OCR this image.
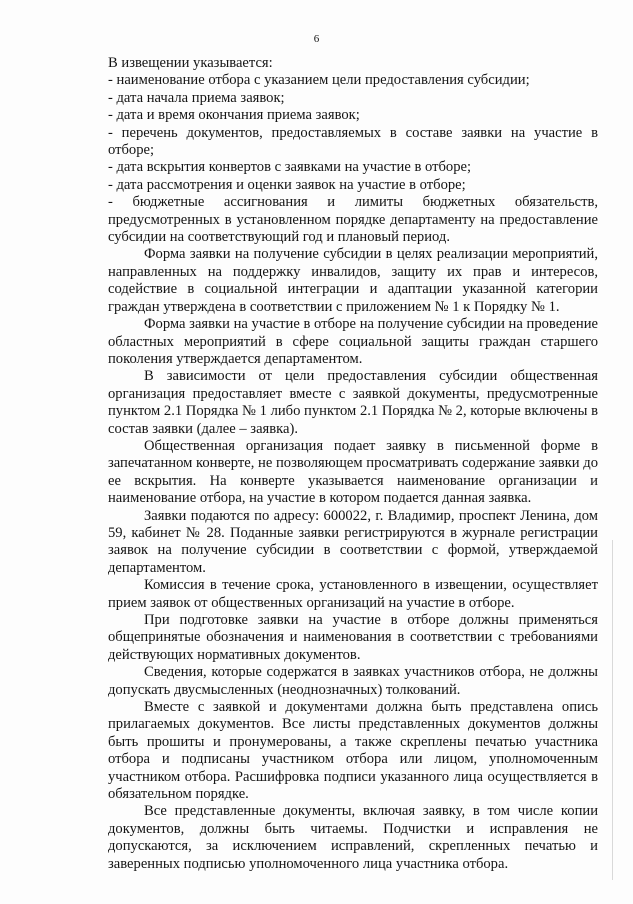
6

В извещении указывается:

- наименование отбора с указанием цели предоставления субсидии;

- дата начала приема заявок;

- дата и время окончания приема заявок;

- перечень документов, предоставляемых в составе заявки на участие в отборе;

- дата вскрытия конвертов с заявками на участие в отборе;

- дата рассмотрения и оценки заявок на участие в отборе;

- бюджетные ассигнования и лимиты бюджетных обязательств, предусмотренных в установленном порядке департаменту на предоставление субсидии на соответствующий год и плановый период.

Форма заявки на получение субсидии в целях реализации мероприятий, направленных на поддержку инвалидов, защиту их прав и интересов, содействие в социальной интеграции и адаптации указанной категории граждан утверждена в соответствии с приложением № 1 к Порядку № 1.

Форма заявки на участие в отборе на получение субсидии на проведение областных мероприятий в сфере социальной защиты граждан старшего поколения утверждается департаментом.

В зависимости от цели предоставления субсидии общественная организация предоставляет вместе с заявкой документы, предусмотренные пунктом 2.1 Порядка № 1 либо пунктом 2.1 Порядка № 2, которые включены в состав заявки (далее – заявка).

Общественная организация подает заявку в письменной форме в запечатанном конверте, не позволяющем просматривать содержание заявки до ее вскрытия. На конверте указывается наименование организации и наименование отбора, на участие в котором подается данная заявка.

Заявки подаются по адресу: 600022, г. Владимир, проспект Ленина, дом 59, кабинет № 28. Поданные заявки регистрируются в журнале регистрации заявок на получение субсидии в соответствии с формой, утверждаемой департаментом.

Комиссия в течение срока, установленного в извещении, осуществляет прием заявок от общественных организаций на участие в отборе.

При подготовке заявки на участие в отборе должны применяться общепринятые обозначения и наименования в соответствии с требованиями действующих нормативных документов.

Сведения, которые содержатся в заявках участников отбора, не должны допускать двусмысленных (неоднозначных) толкований.

Вместе с заявкой и документами должна быть представлена опись прилагаемых документов. Все листы представленных документов должны быть прошиты и пронумерованы, а также скреплены печатью участника отбора и подписаны участником отбора или лицом, уполномоченным участником отбора. Расшифровка подписи указанного лица осуществляется в обязательном порядке.

Все представленные документы, включая заявку, в том числе копии документов, должны быть читаемы. Подчистки и исправления не допускаются, за исключением исправлений, скрепленных печатью и заверенных подписью уполномоченного лица участника отбора.
